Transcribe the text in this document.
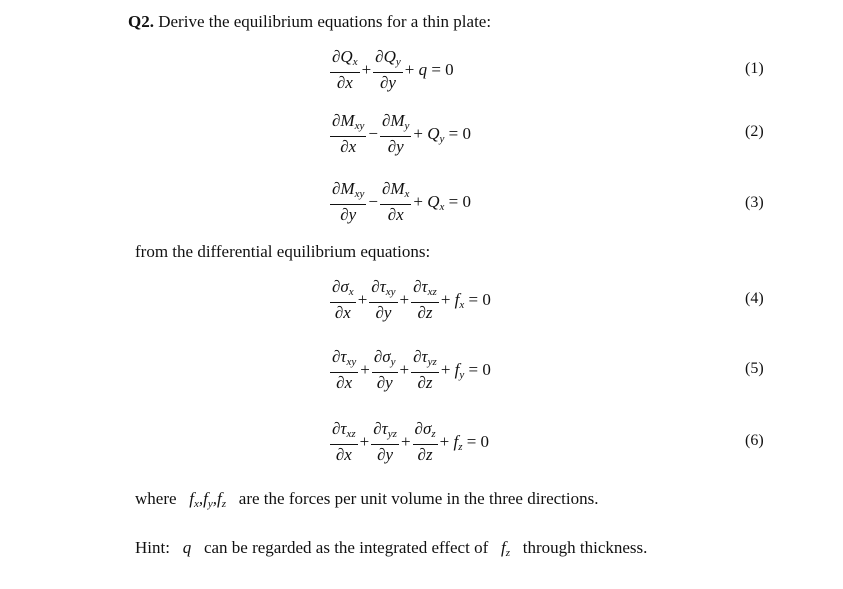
Q2. Derive the equilibrium equations for a thin plate:
$\frac{\partial Q_x}{\partial x} + \frac{\partial Q_y}{\partial y} + q = 0$	(1)
$\frac{\partial M_{xy}}{\partial x} - \frac{\partial M_y}{\partial y} + Q_y = 0$	(2)
$\frac{\partial M_{xy}}{\partial y} - \frac{\partial M_x}{\partial x} + Q_x = 0$	(3)
from the differential equilibrium equations:
$\frac{\partial\sigma_x}{\partial x} + \frac{\partial\tau_{xy}}{\partial y} + \frac{\partial\tau_{xz}}{\partial z} + f_x = 0$	(4)
$\frac{\partial\tau_{xy}}{\partial x} + \frac{\partial\sigma_y}{\partial y} + \frac{\partial\tau_{yz}}{\partial z} + f_y = 0$	(5)
$\frac{\partial\tau_{xz}}{\partial x} + \frac{\partial\tau_{yz}}{\partial y} + \frac{\partial\sigma_z}{\partial z} + f_z = 0$	(6)
where $f_x,f_y,f_z$ are the forces per unit volume in the three directions.
Hint: q can be regarded as the integrated effect of $f_z$ through thickness.
